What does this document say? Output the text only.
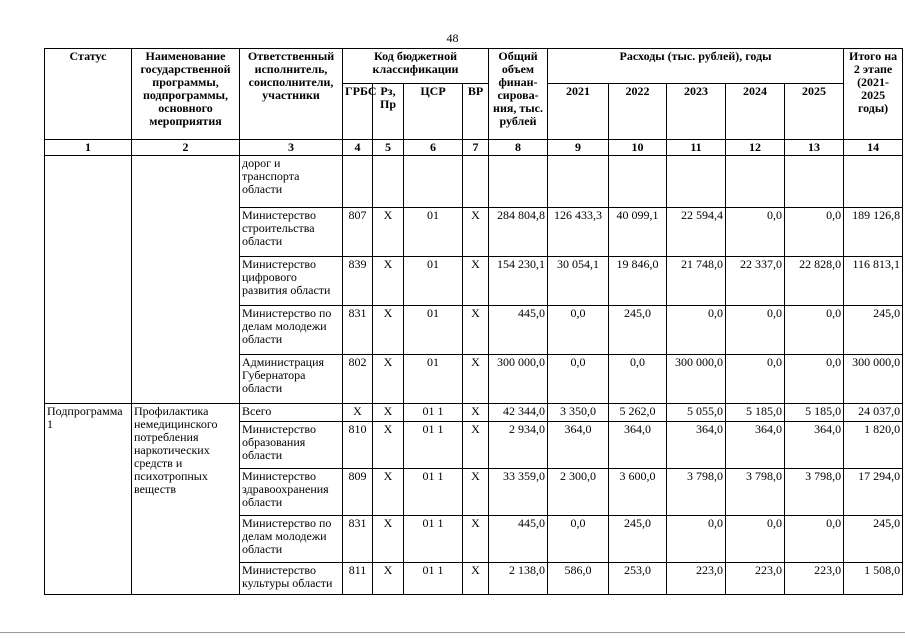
48
Статус	Наименование государственной программы, подпрограммы, основного мероприятия	Ответственный исполнитель, соисполнители, участники	Код бюджетной классификации				Общий объем финан-сирова-ния, тыс. рублей	Расходы (тыс. рублей), годы					Итого на 2 этапе (2021-2025 годы)
			ГРБС	Рз, Пр	ЦСР	ВР		2021	2022	2023	2024	2025	
1	2	3	4	5	6	7	8	9	10	11	12	13	14
		дорог и транспорта области											
		Министерство строительства области	807	Х	01	Х	284 804,8	126 433,3	40 099,1	22 594,4	0,0	0,0	189 126,8
		Министерство цифрового развития области	839	Х	01	Х	154 230,1	30 054,1	19 846,0	21 748,0	22 337,0	22 828,0	116 813,1
		Министерство по делам молодежи области	831	Х	01	Х	445,0	0,0	245,0	0,0	0,0	0,0	245,0
		Администрация Губернатора области	802	Х	01	Х	300 000,0	0,0	0,0	300 000,0	0,0	0,0	300 000,0
Подпрограмма 1	Профилактика немедицинского потребления наркотических средств и психотропных веществ	Всего	Х	Х	01 1	Х	42 344,0	3 350,0	5 262,0	5 055,0	5 185,0	5 185,0	24 037,0
		Министерство образования области	810	Х	01 1	Х	2 934,0	364,0	364,0	364,0	364,0	364,0	1 820,0
		Министерство здравоохранения области	809	Х	01 1	Х	33 359,0	2 300,0	3 600,0	3 798,0	3 798,0	3 798,0	17 294,0
		Министерство по делам молодежи области	831	Х	01 1	Х	445,0	0,0	245,0	0,0	0,0	0,0	245,0
		Министерство культуры области	811	Х	01 1	Х	2 138,0	586,0	253,0	223,0	223,0	223,0	1 508,0
